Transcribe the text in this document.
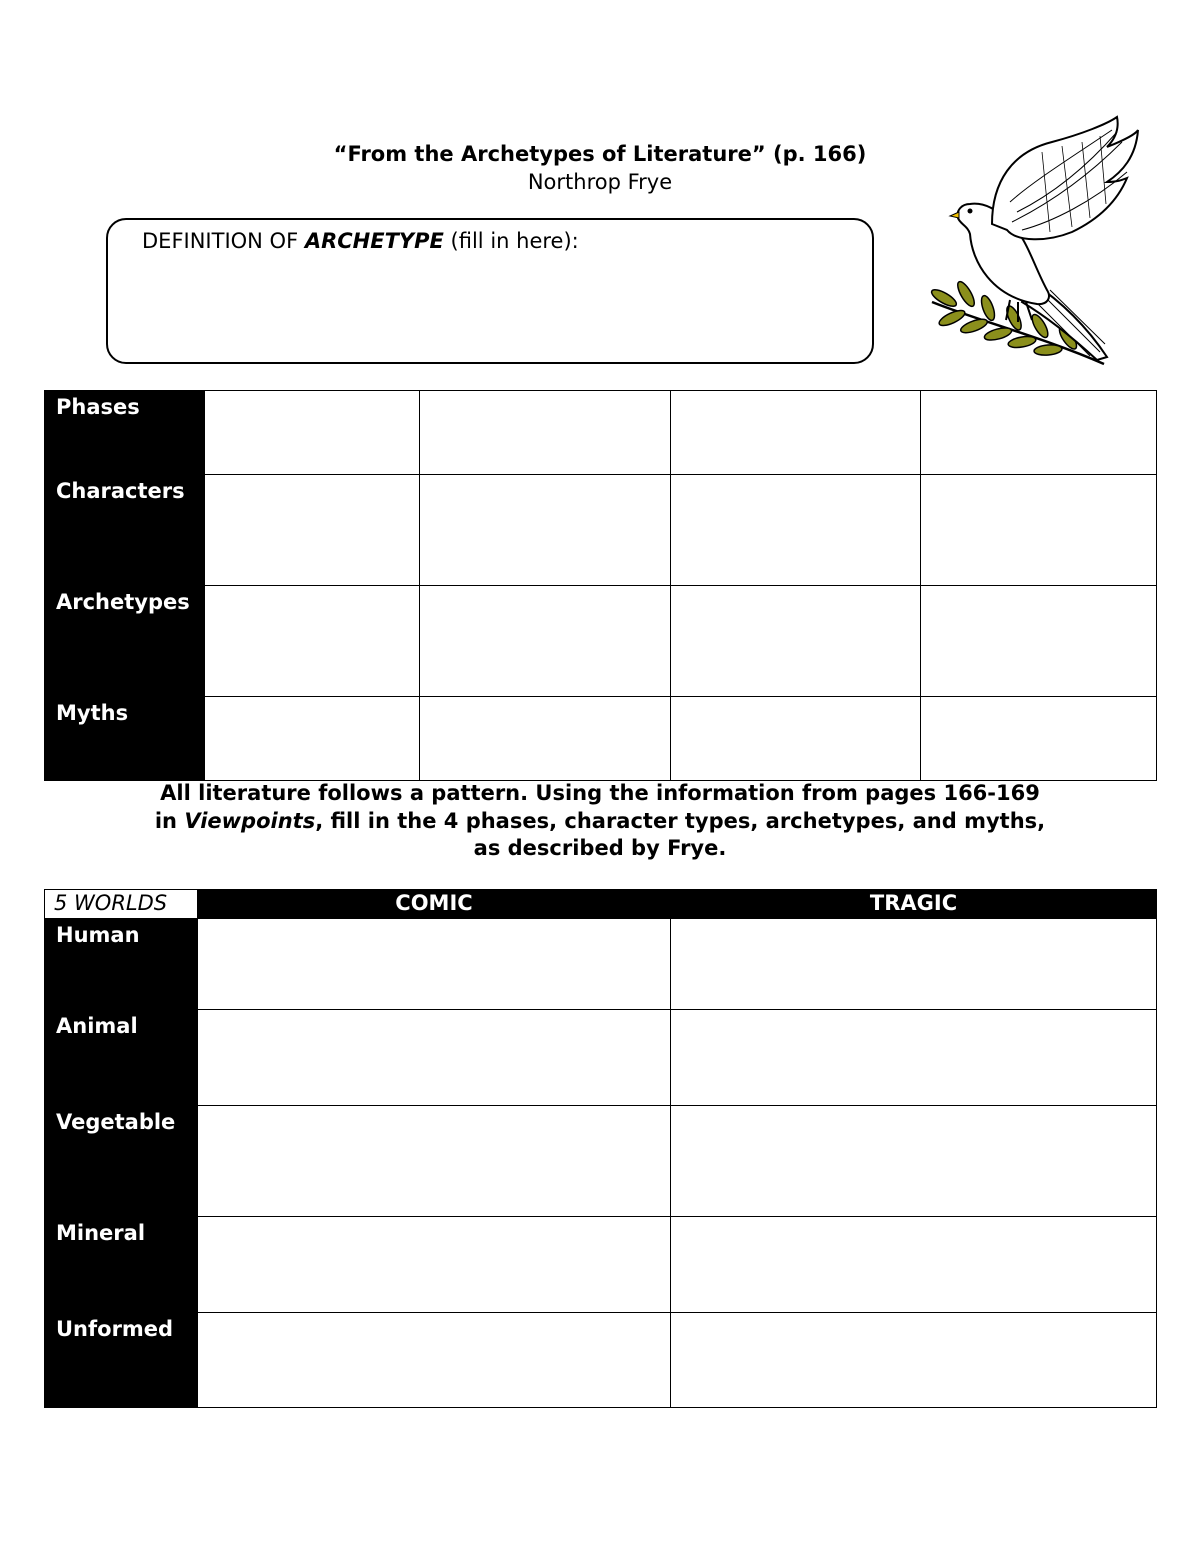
“From the Archetypes of Literature” (p. 166)
Northrop Frye
DEFINITION OF ARCHETYPE (fill in here):
Phases				
Characters				
Archetypes				
Myths				
All literature follows a pattern. Using the information from pages 166-169 in Viewpoints, fill in the 4 phases, character types, archetypes, and myths, as described by Frye.
5 WORLDS	COMIC	TRAGIC
Human		
Animal		
Vegetable		
Mineral		
Unformed		
